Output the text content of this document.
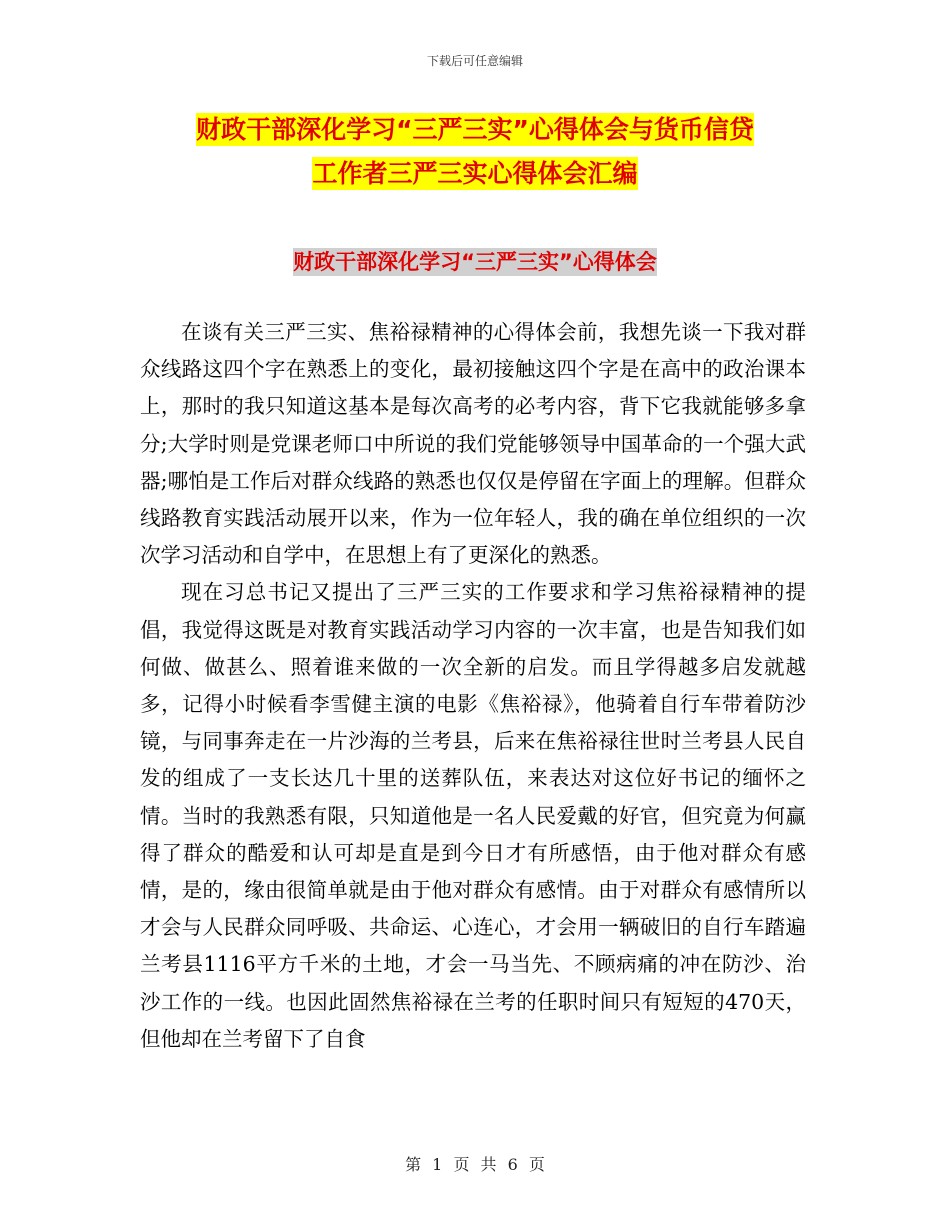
下载后可任意编辑
财政干部深化学习“三严三实”心得体会与货币信贷
工作者三严三实心得体会汇编
财政干部深化学习“三严三实”心得体会

在谈有关三严三实、焦裕禄精神的心得体会前，我想先谈一下我对群众线路这四个字在熟悉上的变化，最初接触这四个字是在高中的政治课本上，那时的我只知道这基本是每次高考的必考内容，背下它我就能够多拿分;大学时则是党课老师口中所说的我们党能够领导中国革命的一个强大武器;哪怕是工作后对群众线路的熟悉也仅仅是停留在字面上的理解。但群众线路教育实践活动展开以来，作为一位年轻人，我的确在单位组织的一次次学习活动和自学中，在思想上有了更深化的熟悉。

现在习总书记又提出了三严三实的工作要求和学习焦裕禄精神的提倡，我觉得这既是对教育实践活动学习内容的一次丰富，也是告知我们如何做、做甚么、照着谁来做的一次全新的启发。而且学得越多启发就越多，记得小时候看李雪健主演的电影《焦裕禄》，他骑着自行车带着防沙镜，与同事奔走在一片沙海的兰考县，后来在焦裕禄往世时兰考县人民自发的组成了一支长达几十里的送葬队伍，来表达对这位好书记的缅怀之情。当时的我熟悉有限，只知道他是一名人民爱戴的好官，但究竟为何赢得了群众的酷爱和认可却是直是到今日才有所感悟，由于他对群众有感情，是的，缘由很简单就是由于他对群众有感情。由于对群众有感情所以才会与人民群众同呼吸、共命运、心连心，才会用一辆破旧的自行车踏遍兰考县1116平方千米的土地，才会一马当先、不顾病痛的冲在防沙、治沙工作的一线。也因此固然焦裕禄在兰考的任职时间只有短短的470天，但他却在兰考留下了自食

第 1 页 共 6 页
